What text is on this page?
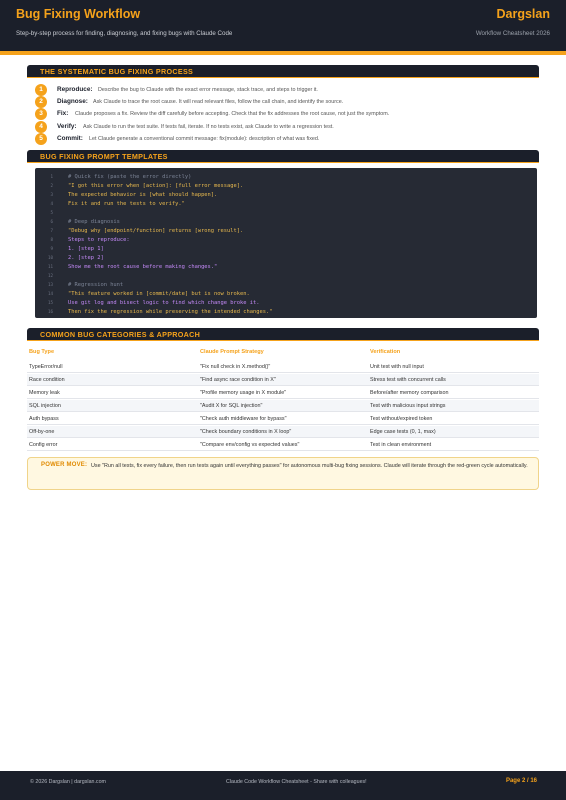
Bug Fixing Workflow
Step-by-step process for finding, diagnosing, and fixing bugs with Claude Code
Dargslan
Workflow Cheatsheet 2026
THE SYSTEMATIC BUG FIXING PROCESS
1	Reproduce: Describe the bug to Claude with the exact error message, stack trace, and steps to trigger it.
2	Diagnose: Ask Claude to trace the root cause. It will read relevant files, follow the call chain, and identify the source.
3	Fix: Claude proposes a fix. Review the diff carefully before accepting. Check that the fix addresses the root cause, not just the symptom.
4	Verify: Ask Claude to run the test suite. If tests fail, iterate. If no tests exist, ask Claude to write a regression test.
5	Commit: Let Claude generate a conventional commit message: fix(module): description of what was fixed.
BUG FIXING PROMPT TEMPLATES
1	# Quick fix (paste the error directly)
2	"I got this error when [action]: [full error message].
3	The expected behavior is [what should happen].
4	Fix it and run the tests to verify."
5
6	# Deep diagnosis
7	"Debug why [endpoint/function] returns [wrong result].
8	Steps to reproduce:
9	1. [step 1]
10	2. [step 2]
11	Show me the root cause before making changes."
12
13	# Regression hunt
14	"This feature worked in [commit/date] but is now broken.
15	Use git log and bisect logic to find which change broke it.
16	Then fix the regression while preserving the intended changes."
COMMON BUG CATEGORIES & APPROACH
Bug Type	Claude Prompt Strategy	Verification
TypeError/null	"Fix null check in X.method()"	Unit test with null input
Race condition	"Find async race condition in X"	Stress test with concurrent calls
Memory leak	"Profile memory usage in X module"	Before/after memory comparison
SQL injection	"Audit X for SQL injection"	Test with malicious input strings
Auth bypass	"Check auth middleware for bypass"	Test without/expired token
Off-by-one	"Check boundary conditions in X loop"	Edge case tests (0, 1, max)
Config error	"Compare env/config vs expected values"	Test in clean environment
POWER MOVE: Use "Run all tests, fix every failure, then run tests again until everything passes" for autonomous multi-bug fixing sessions. Claude will iterate through the red-green cycle automatically.
© 2026 Dargslan | dargslan.com	Claude Code Workflow Cheatsheet - Share with colleagues!	Page 2 / 16
